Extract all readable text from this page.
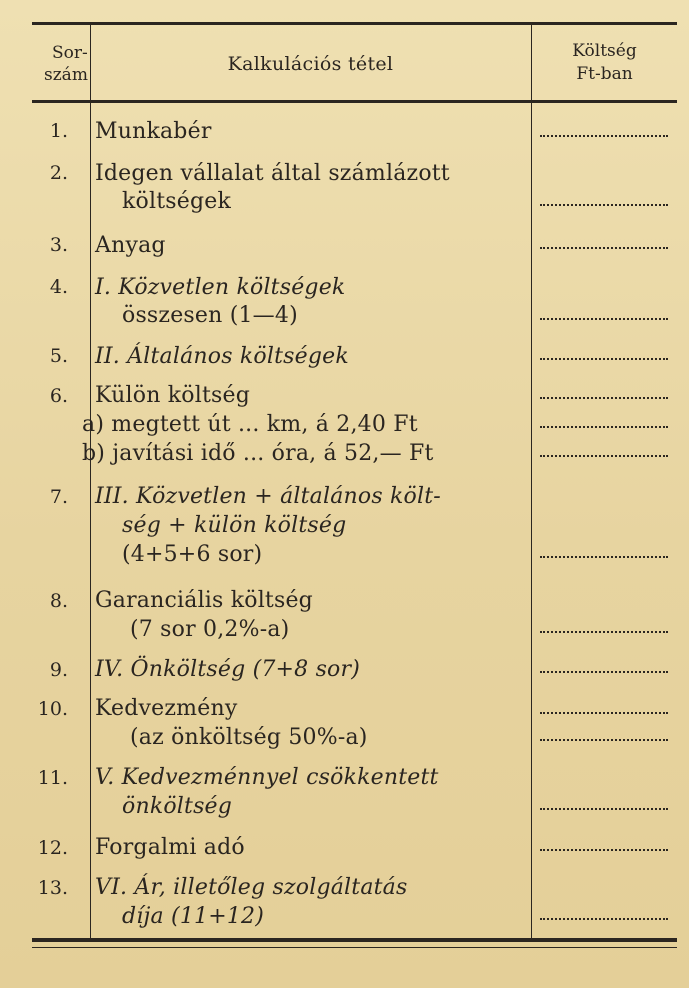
Sor-
szám	Kalkulációs tétel
Költség
Ft-ban
1. Munkabér
2. Idegen vállalat által számlázott
költségek
3. Anyag
4. I. Közvetlen költségek
összesen (1—4)
5. II. Általános költségek
6. Külön költség
a) megtett út ... km, á 2,40 Ft
b) javítási idő ... óra, á 52,— Ft
7. III. Közvetlen + általános költ-
ség + külön költség
(4+5+6 sor)
8. Garanciális költség
(7 sor 0,2%-a)
9. IV. Önköltség (7+8 sor)
10. Kedvezmény
(az önköltség 50%-a)
11. V. Kedvezménnyel csökkentett
önköltség
12. Forgalmi adó
13. VI. Ár, illetőleg szolgáltatás
díja (11+12)
